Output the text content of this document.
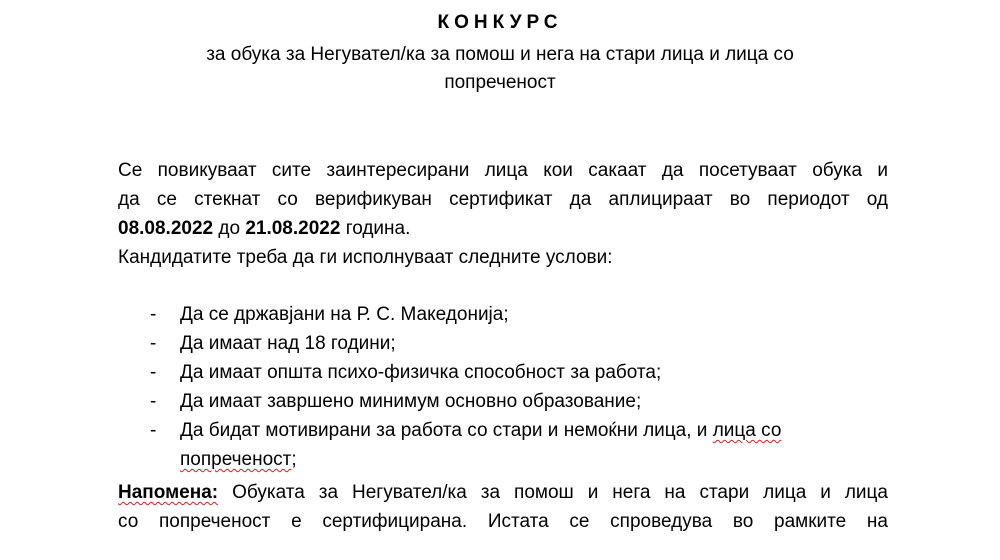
КОНКУРС
за обука за Негувател/ка за помош и нега на стари лица и лица со
попреченост
Се повикуваат сите заинтересирани лица кои сакаат да посетуваат обука и
да се стекнат со верификуван сертификат да аплицираат во периодот од
08.08.2022 до 21.08.2022 година.
Кандидатите треба да ги исполнуваат следните услови:
- Да се државјани на Р. С. Македонија;
- Да имаат над 18 години;
- Да имаат општа психо-физичка способност за работа;
- Да имаат завршено минимум основно образование;
- Да бидат мотивирани за работа со стари и немоќни лица, и лица со
попреченост;
Напомена: Обуката за Негувател/ка за помош и нега на стари лица и лица
со попреченост е сертифицирана. Истата се спроведува во рамките на
